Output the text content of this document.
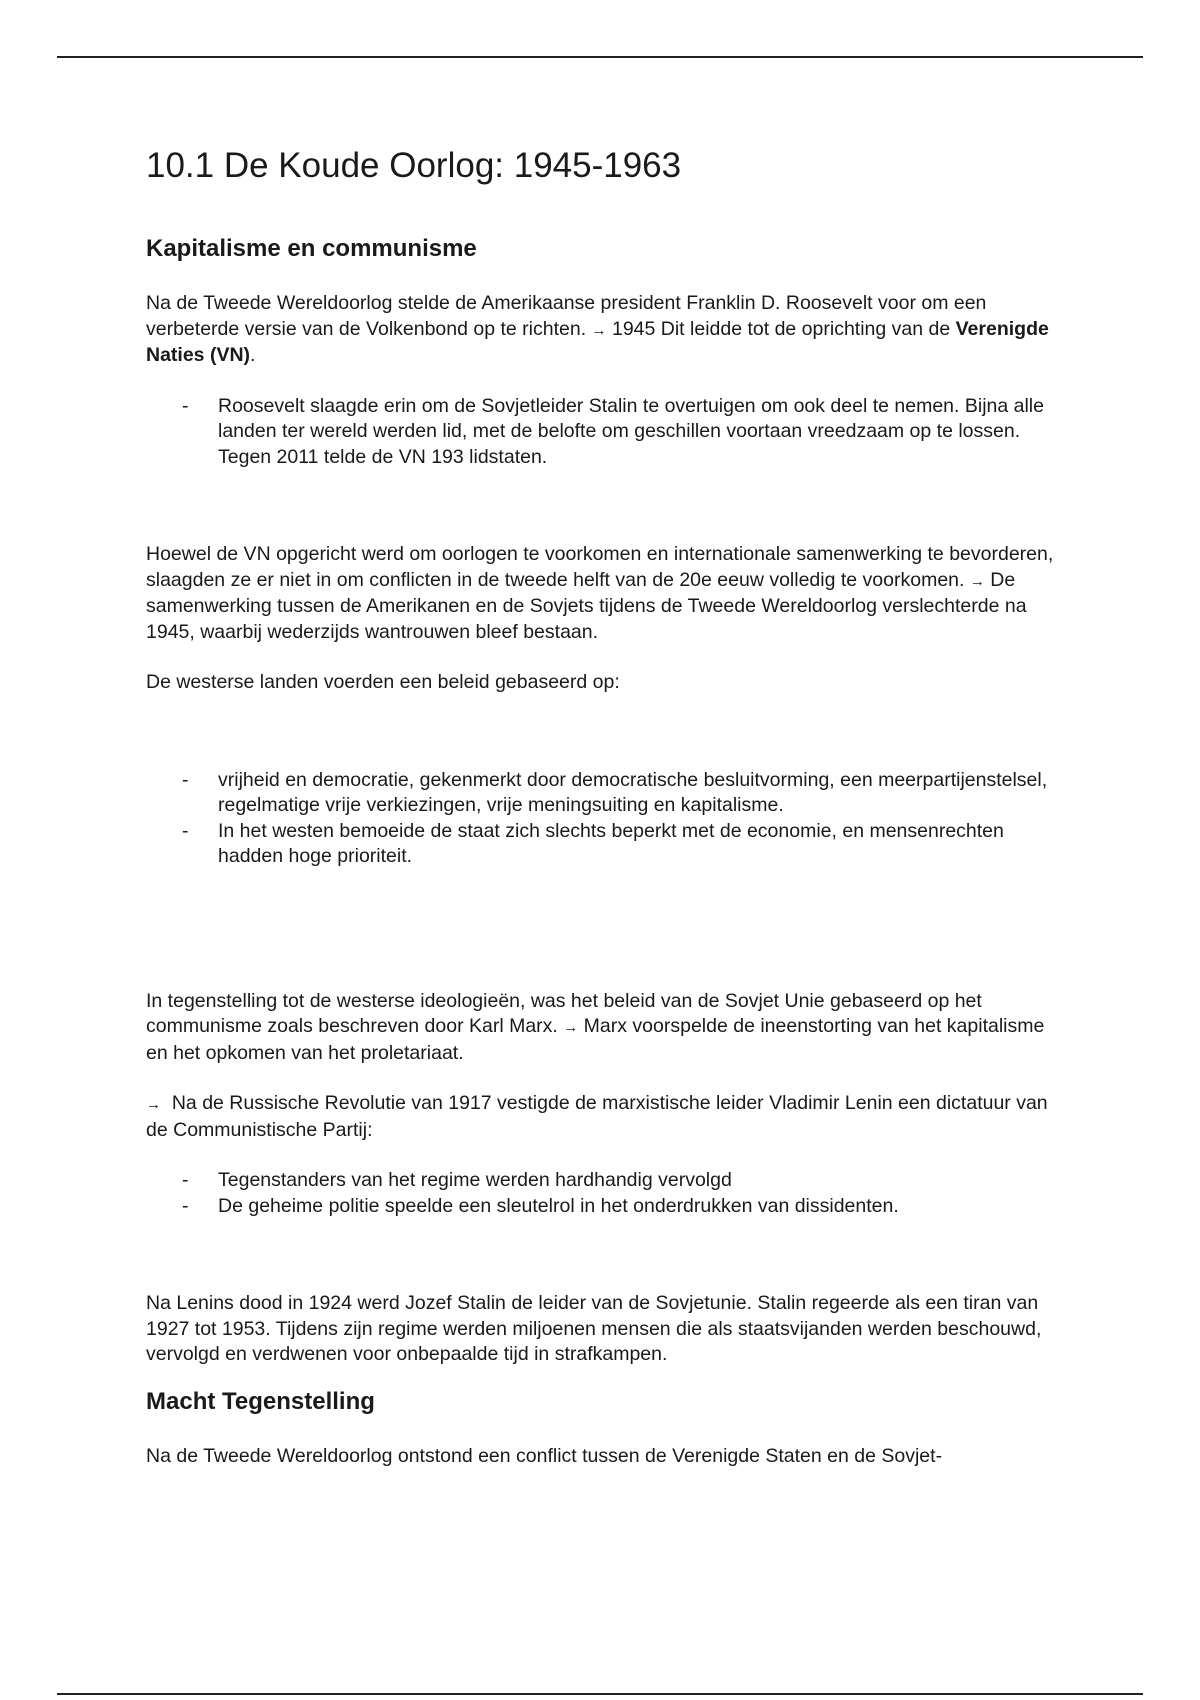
10.1 De Koude Oorlog: 1945-1963
Kapitalisme en communisme

Na de Tweede Wereldoorlog stelde de Amerikaanse president Franklin D. Roosevelt voor om een verbeterde versie van de Volkenbond op te richten. → 1945 Dit leidde tot de oprichting van de Verenigde Naties (VN).

- Roosevelt slaagde erin om de Sovjetleider Stalin te overtuigen om ook deel te nemen. Bijna alle landen ter wereld werden lid, met de belofte om geschillen voortaan vreedzaam op te lossen. Tegen 2011 telde de VN 193 lidstaten.

Hoewel de VN opgericht werd om oorlogen te voorkomen en internationale samenwerking te bevorderen, slaagden ze er niet in om conflicten in de tweede helft van de 20e eeuw volledig te voorkomen. → De samenwerking tussen de Amerikanen en de Sovjets tijdens de Tweede Wereldoorlog verslechterde na 1945, waarbij wederzijds wantrouwen bleef bestaan.

De westerse landen voerden een beleid gebaseerd op:

- vrijheid en democratie, gekenmerkt door democratische besluitvorming, een meerpartijenstelsel, regelmatige vrije verkiezingen, vrije meningsuiting en kapitalisme.
- In het westen bemoeide de staat zich slechts beperkt met de economie, en mensenrechten hadden hoge prioriteit.

In tegenstelling tot de westerse ideologieën, was het beleid van de Sovjet Unie gebaseerd op het communisme zoals beschreven door Karl Marx. → Marx voorspelde de ineenstorting van het kapitalisme en het opkomen van het proletariaat.

→ Na de Russische Revolutie van 1917 vestigde de marxistische leider Vladimir Lenin een dictatuur van de Communistische Partij:

- Tegenstanders van het regime werden hardhandig vervolgd
- De geheime politie speelde een sleutelrol in het onderdrukken van dissidenten.

Na Lenins dood in 1924 werd Jozef Stalin de leider van de Sovjetunie. Stalin regeerde als een tiran van 1927 tot 1953. Tijdens zijn regime werden miljoenen mensen die als staatsvijanden werden beschouwd, vervolgd en verdwenen voor onbepaalde tijd in strafkampen.

Macht Tegenstelling

Na de Tweede Wereldoorlog ontstond een conflict tussen de Verenigde Staten en de Sovjet-
